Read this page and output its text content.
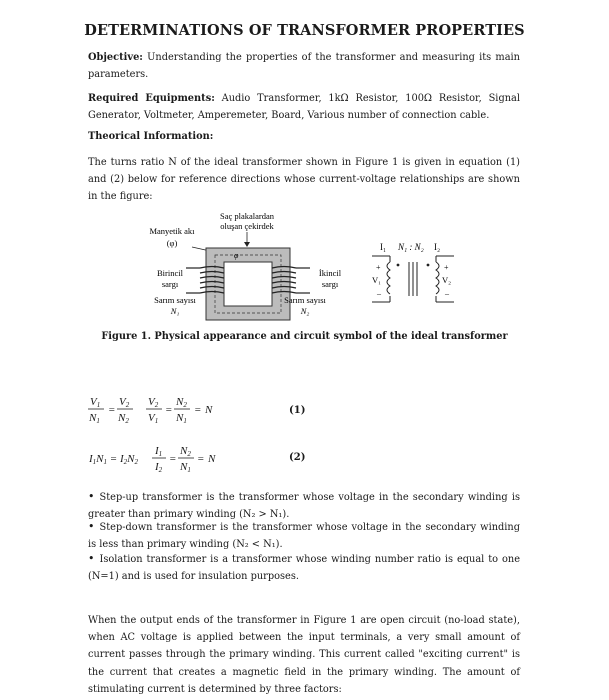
DETERMINATIONS OF TRANSFORMER PROPERTIES
Objective: Understanding the properties of the transformer and measuring its main parameters.
Required Equipments: Audio Transformer, 1kΩ Resistor, 100Ω Resistor, Signal Generator, Voltmeter, Amperemeter, Board, Various number of connection cable.
Theorical Information:
The turns ratio N of the ideal transformer shown in Figure 1 is given in equation (1) and (2) below for reference directions whose current-voltage relationships are shown in the figure:
Saç plakalardan
oluşan çekirdek
Manyetik akı
(φ)
φ
Birincil
sargı
İkincil
sargı
Sarım sayısı
N₁
Sarım sayısı
N₂
I₁ N₁ : N₂ I₂
+
V₁
–
+
V₂
–
V1
N1
=
V2
N2
V2
V1
=
N2
N1
= N
I1N1 = I2N2
I1
I2
=
N2
N1
= N
Figure 1. Physical appearance and circuit symbol of the ideal transformer
(1)
(2)
• Step-up transformer is the transformer whose voltage in the secondary winding is greater than primary winding (N₂ > N₁).
• Step-down transformer is the transformer whose voltage in the secondary winding is less than primary winding (N₂ < N₁).
• Isolation transformer is a transformer whose winding number ratio is equal to one (N=1) and is used for insulation purposes.
When the output ends of the transformer in Figure 1 are open circuit (no-load state), when AC voltage is applied between the input terminals, a very small amount of current passes through the primary winding. This current called "exciting current" is the current that creates a magnetic field in the primary winding. The amount of stimulating current is determined by three factors:
